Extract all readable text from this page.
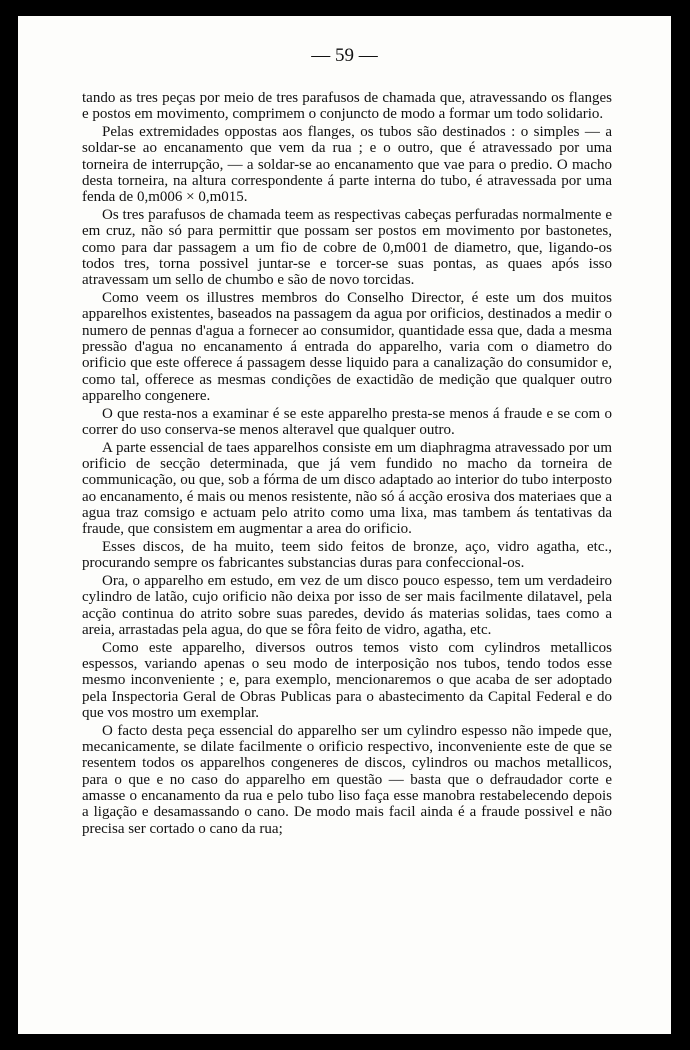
— 59 —

tando as tres peças por meio de tres parafusos de chamada que, atravessando os flanges e postos em movimento, comprimem o conjuncto de modo a formar um todo solidario.

Pelas extremidades oppostas aos flanges, os tubos são destinados : o simples — a soldar-se ao encanamento que vem da rua ; e o outro, que é atravessado por uma torneira de interrupção, — a soldar-se ao encanamento que vae para o predio. O macho desta torneira, na altura correspondente á parte interna do tubo, é atravessada por uma fenda de 0,m006 × 0,m015.

Os tres parafusos de chamada teem as respectivas cabeças perfuradas normalmente e em cruz, não só para permittir que possam ser postos em movimento por bastonetes, como para dar passagem a um fio de cobre de 0,m001 de diametro, que, ligando-os todos tres, torna possivel juntar-se e torcer-se suas pontas, as quaes após isso atravessam um sello de chumbo e são de novo torcidas.

Como veem os illustres membros do Conselho Director, é este um dos muitos apparelhos existentes, baseados na passagem da agua por orificios, destinados a medir o numero de pennas d'agua a fornecer ao consumidor, quantidade essa que, dada a mesma pressão d'agua no encanamento á entrada do apparelho, varia com o diametro do orificio que este offerece á passagem desse liquido para a canalização do consumidor e, como tal, offerece as mesmas condições de exactidão de medição que qualquer outro apparelho congenere.

O que resta-nos a examinar é se este apparelho presta-se menos á fraude e se com o correr do uso conserva-se menos alteravel que qualquer outro.

A parte essencial de taes apparelhos consiste em um diaphragma atravessado por um orificio de secção determinada, que já vem fundido no macho da torneira de communicação, ou que, sob a fórma de um disco adaptado ao interior do tubo interposto ao encanamento, é mais ou menos resistente, não só á acção erosiva dos materiaes que a agua traz comsigo e actuam pelo atrito como uma lixa, mas tambem ás tentativas da fraude, que consistem em augmentar a area do orificio.

Esses discos, de ha muito, teem sido feitos de bronze, aço, vidro agatha, etc., procurando sempre os fabricantes substancias duras para confeccional-os.

Ora, o apparelho em estudo, em vez de um disco pouco espesso, tem um verdadeiro cylindro de latão, cujo orificio não deixa por isso de ser mais facilmente dilatavel, pela acção continua do atrito sobre suas paredes, devido ás materias solidas, taes como a areia, arrastadas pela agua, do que se fôra feito de vidro, agatha, etc.

Como este apparelho, diversos outros temos visto com cylindros metallicos espessos, variando apenas o seu modo de interposição nos tubos, tendo todos esse mesmo inconveniente ; e, para exemplo, mencionaremos o que acaba de ser adoptado pela Inspectoria Geral de Obras Publicas para o abastecimento da Capital Federal e do que vos mostro um exemplar.

O facto desta peça essencial do apparelho ser um cylindro espesso não impede que, mecanicamente, se dilate facilmente o orificio respectivo, inconveniente este de que se resentem todos os apparelhos congeneres de discos, cylindros ou machos metallicos, para o que e no caso do apparelho em questão — basta que o defraudador corte e amasse o encanamento da rua e pelo tubo liso faça esse manobra restabelecendo depois a ligação e desamassando o cano. De modo mais facil ainda é a fraude possivel e não precisa ser cortado o cano da rua;
